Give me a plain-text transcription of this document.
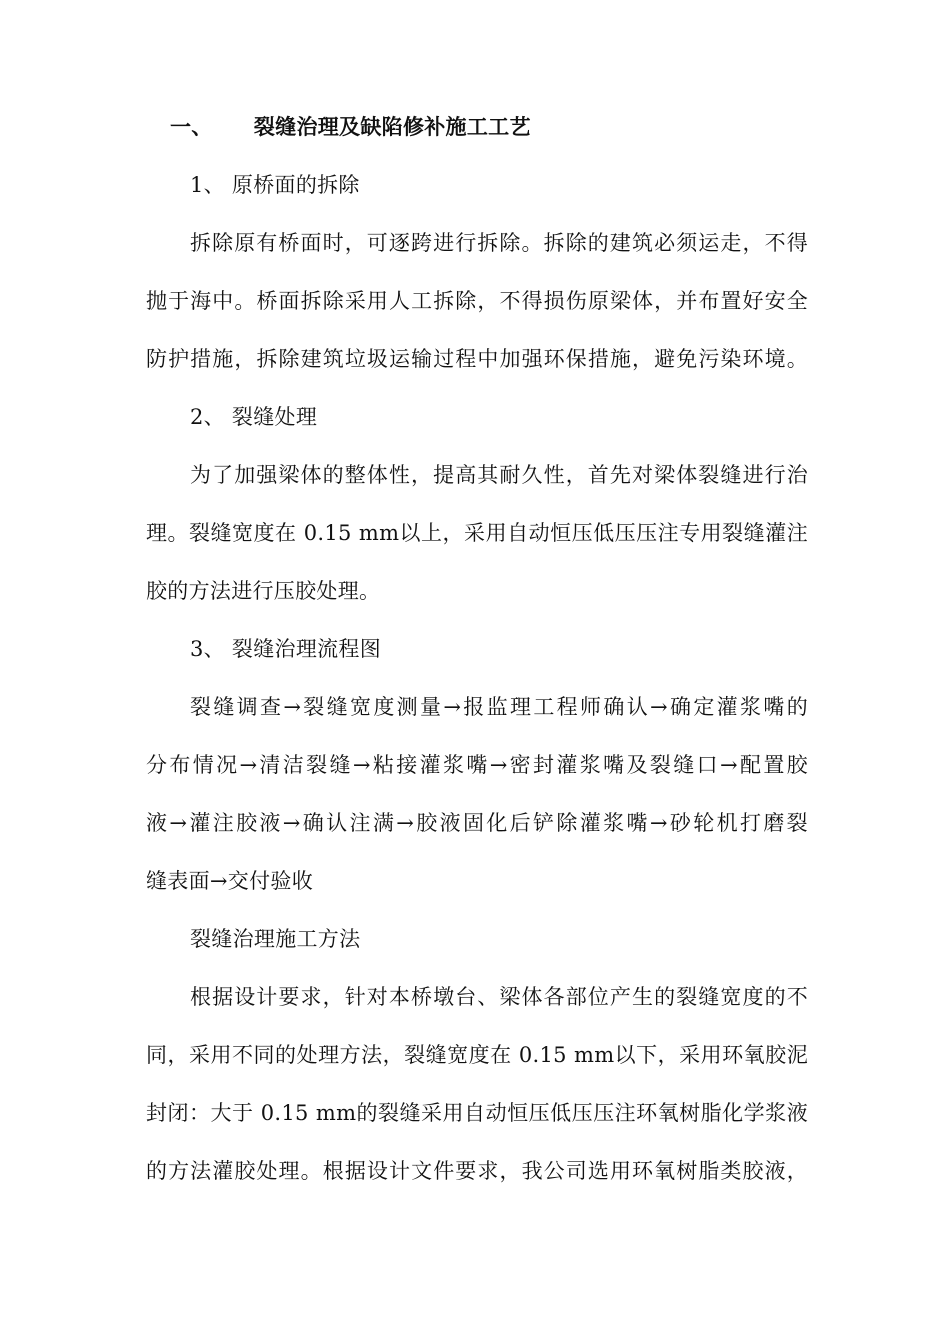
一、 裂缝治理及缺陷修补施工工艺
1、 原桥面的拆除
拆除原有桥面时，可逐跨进行拆除。拆除的建筑必须运走，不得
抛于海中。桥面拆除采用人工拆除，不得损伤原梁体，并布置好安全
防护措施，拆除建筑垃圾运输过程中加强环保措施，避免污染环境。
2、 裂缝处理
为了加强梁体的整体性，提高其耐久性，首先对梁体裂缝进行治
理。裂缝宽度在 0.15 mm以上，采用自动恒压低压压注专用裂缝灌注
胶的方法进行压胶处理。
3、 裂缝治理流程图
裂缝调查→裂缝宽度测量→报监理工程师确认→确定灌浆嘴的
分布情况→清洁裂缝→粘接灌浆嘴→密封灌浆嘴及裂缝口→配置胶
液→灌注胶液→确认注满→胶液固化后铲除灌浆嘴→砂轮机打磨裂
缝表面→交付验收
裂缝治理施工方法
根据设计要求，针对本桥墩台、梁体各部位产生的裂缝宽度的不
同，采用不同的处理方法，裂缝宽度在 0.15 mm以下，采用环氧胶泥
封闭：大于 0.15 mm的裂缝采用自动恒压低压压注环氧树脂化学浆液
的方法灌胶处理。根据设计文件要求，我公司选用环氧树脂类胶液，
